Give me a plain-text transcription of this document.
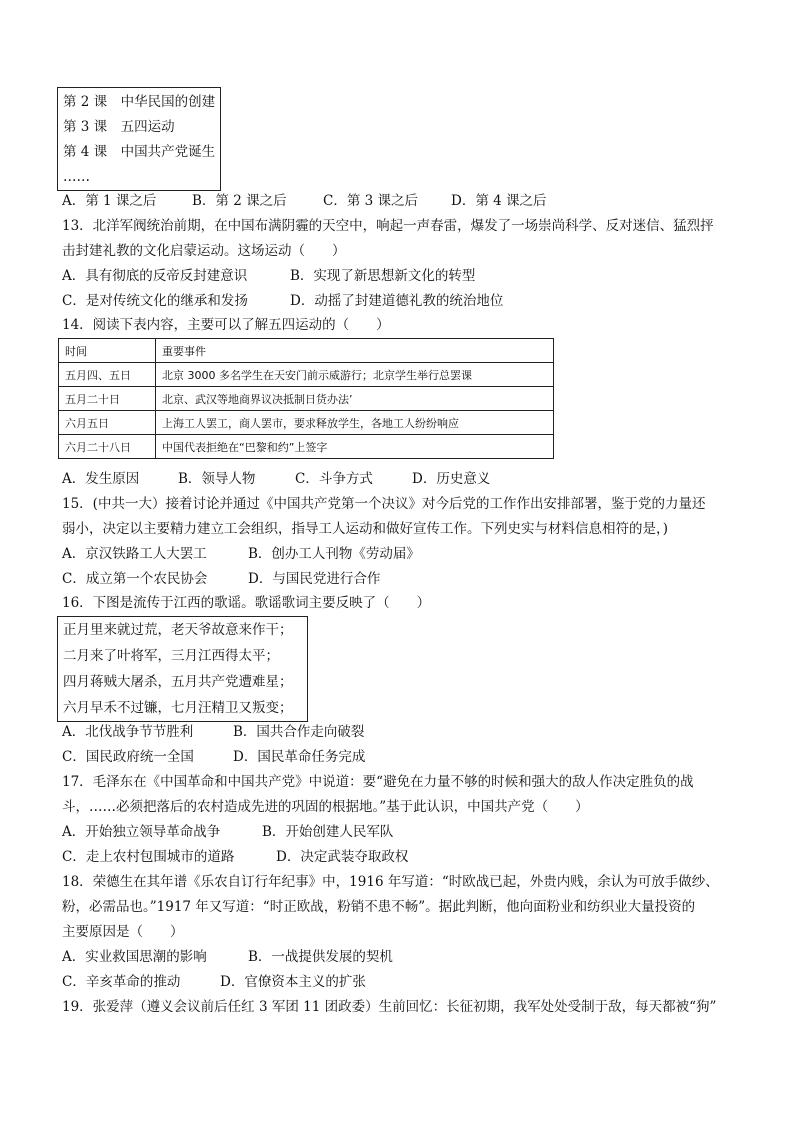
第 2 课　中华民国的创建
第 3 课　五四运动
第 4 课　中国共产党诞生
……
A．第 1 课之后	B．第 2 课之后	C．第 3 课之后 D．第 4 课之后
13．北洋军阀统治前期，在中国布满阴霾的天空中，响起一声春雷，爆发了一场崇尚科学、反对迷信、猛烈抨
击封建礼教的文化启蒙运动。这场运动（　　）
A．具有彻底的反帝反封建意识	B．实现了新思想新文化的转型
C．是对传统文化的继承和发扬	D．动摇了封建道德礼教的统治地位
14．阅读下表内容，主要可以了解五四运动的（　　）
时间	重要事件
五月四、五日	北京 3000 多名学生在天安门前示威游行；北京学生举行总罢课
五月二十日	北京、武汉等地商界议决抵制日货办法’
六月五日	上海工人罢工，商人罢市，要求释放学生，各地工人纷纷响应
六月二十八日	中国代表拒绝在“巴黎和约”上签字
A．发生原因	B．领导人物	C．斗争方式	D．历史意义
15．(中共一大）接着讨论并通过《中国共产党第一个决议》对今后党的工作作出安排部署，鉴于党的力量还
弱小，决定以主要精力建立工会组织，指导工人运动和做好宣传工作。下列史实与材料信息相符的是，)
A．京汉铁路工人大罢工	B．创办工人刊物《劳动届》
C．成立第一个农民协会	D．与国民党进行合作
16．下图是流传于江西的歌谣。歌谣歌词主要反映了（　　）
正月里来就过荒，老天爷故意来作干；
二月来了叶将军，三月江西得太平；
四月蒋贼大屠杀，五月共产党遭难星；
六月早禾不过镰，七月汪精卫又叛变；
A．北伐战争节节胜利	B．国共合作走向破裂
C．国民政府统一全国	D．国民革命任务完成
17．毛泽东在《中国革命和中国共产党》中说道：要“避免在力量不够的时候和强大的敌人作决定胜负的战
斗，……必须把落后的农村造成先进的巩固的根据地。”基于此认识，中国共产党（　　）
A．开始独立领导革命战争	B．开始创建人民军队
C．走上农村包围城市的道路	D．决定武装夺取政权
18．荣德生在其年谱《乐农自订行年纪事》中，1916 年写道：“时欧战已起，外贵内贱，余认为可放手做纱、
粉，必需品也。”1917 年又写道：“时正欧战，粉销不患不畅”。据此判断，他向面粉业和纺织业大量投资的
主要原因是（　　）
A．实业救国思潮的影响	B．一战提供发展的契机
C．辛亥革命的推动	D．官僚资本主义的扩张
19．张爱萍（遵义会议前后任红 3 军团 11 团政委）生前回忆：长征初期，我军处处受制于敌，每天都被“狗”
